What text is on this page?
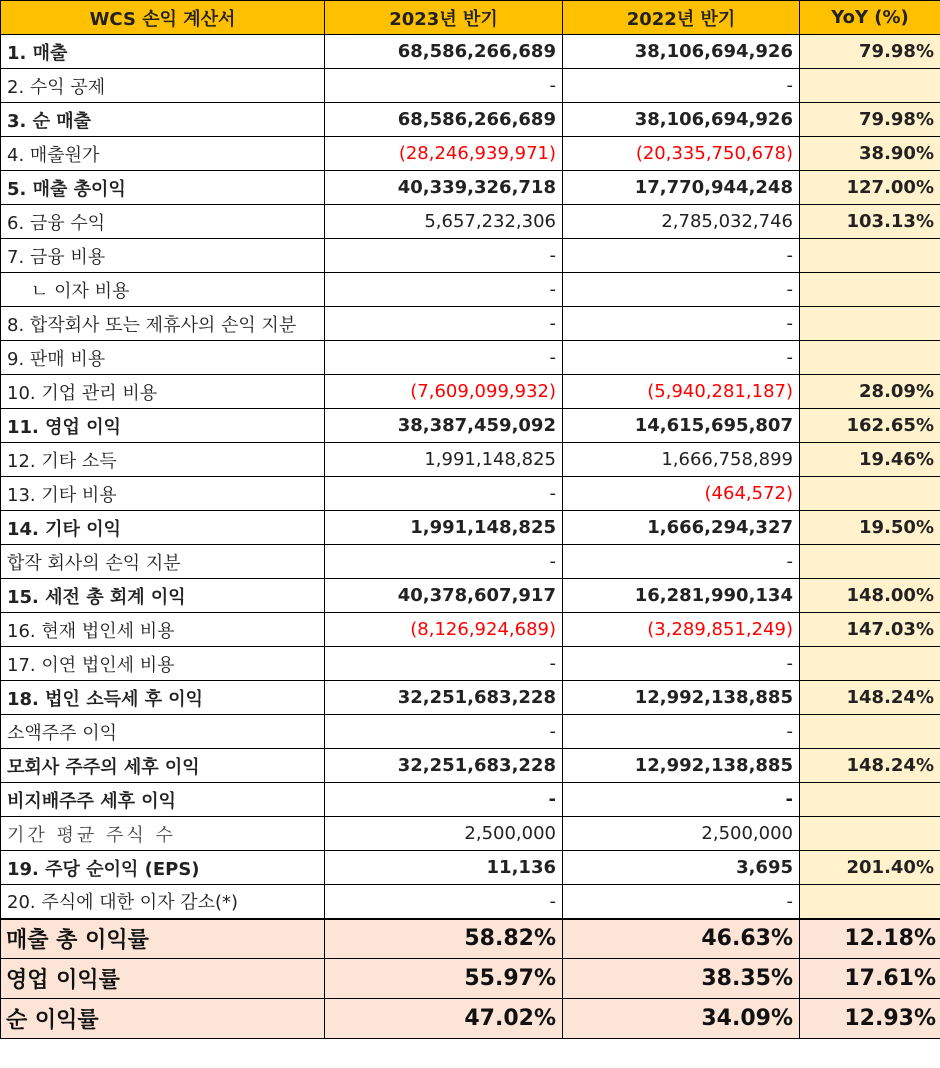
WCS 손익 계산서	2023년 반기	2022년 반기	YoY (%)
1. 매출	68,586,266,689	38,106,694,926	79.98%
2. 수익 공제	-	-	
3. 순 매출	68,586,266,689	38,106,694,926	79.98%
4. 매출원가	(28,246,939,971)	(20,335,750,678)	38.90%
5. 매출 총이익	40,339,326,718	17,770,944,248	127.00%
6. 금융 수익	5,657,232,306	2,785,032,746	103.13%
7. 금융 비용	-	-	
ㄴ 이자 비용	-	-	
8. 합작회사 또는 제휴사의 손익 지분	-	-	
9. 판매 비용	-	-	
10. 기업 관리 비용	(7,609,099,932)	(5,940,281,187)	28.09%
11. 영업 이익	38,387,459,092	14,615,695,807	162.65%
12. 기타 소득	1,991,148,825	1,666,758,899	19.46%
13. 기타 비용	-	(464,572)	
14. 기타 이익	1,991,148,825	1,666,294,327	19.50%
합작 회사의 손익 지분	-	-	
15. 세전 총 회계 이익	40,378,607,917	16,281,990,134	148.00%
16. 현재 법인세 비용	(8,126,924,689)	(3,289,851,249)	147.03%
17. 이연 법인세 비용	-	-	
18. 법인 소득세 후 이익	32,251,683,228	12,992,138,885	148.24%
소액주주 이익	-	-	
모회사 주주의 세후 이익	32,251,683,228	12,992,138,885	148.24%
비지배주주 세후 이익	-	-	
기간 평균 주식 수	2,500,000	2,500,000	
19. 주당 순이익 (EPS)	11,136	3,695	201.40%
20. 주식에 대한 이자 감소(*)	-	-	
매출 총 이익률	58.82%	46.63%	12.18%
영업 이익률	55.97%	38.35%	17.61%
순 이익률	47.02%	34.09%	12.93%
